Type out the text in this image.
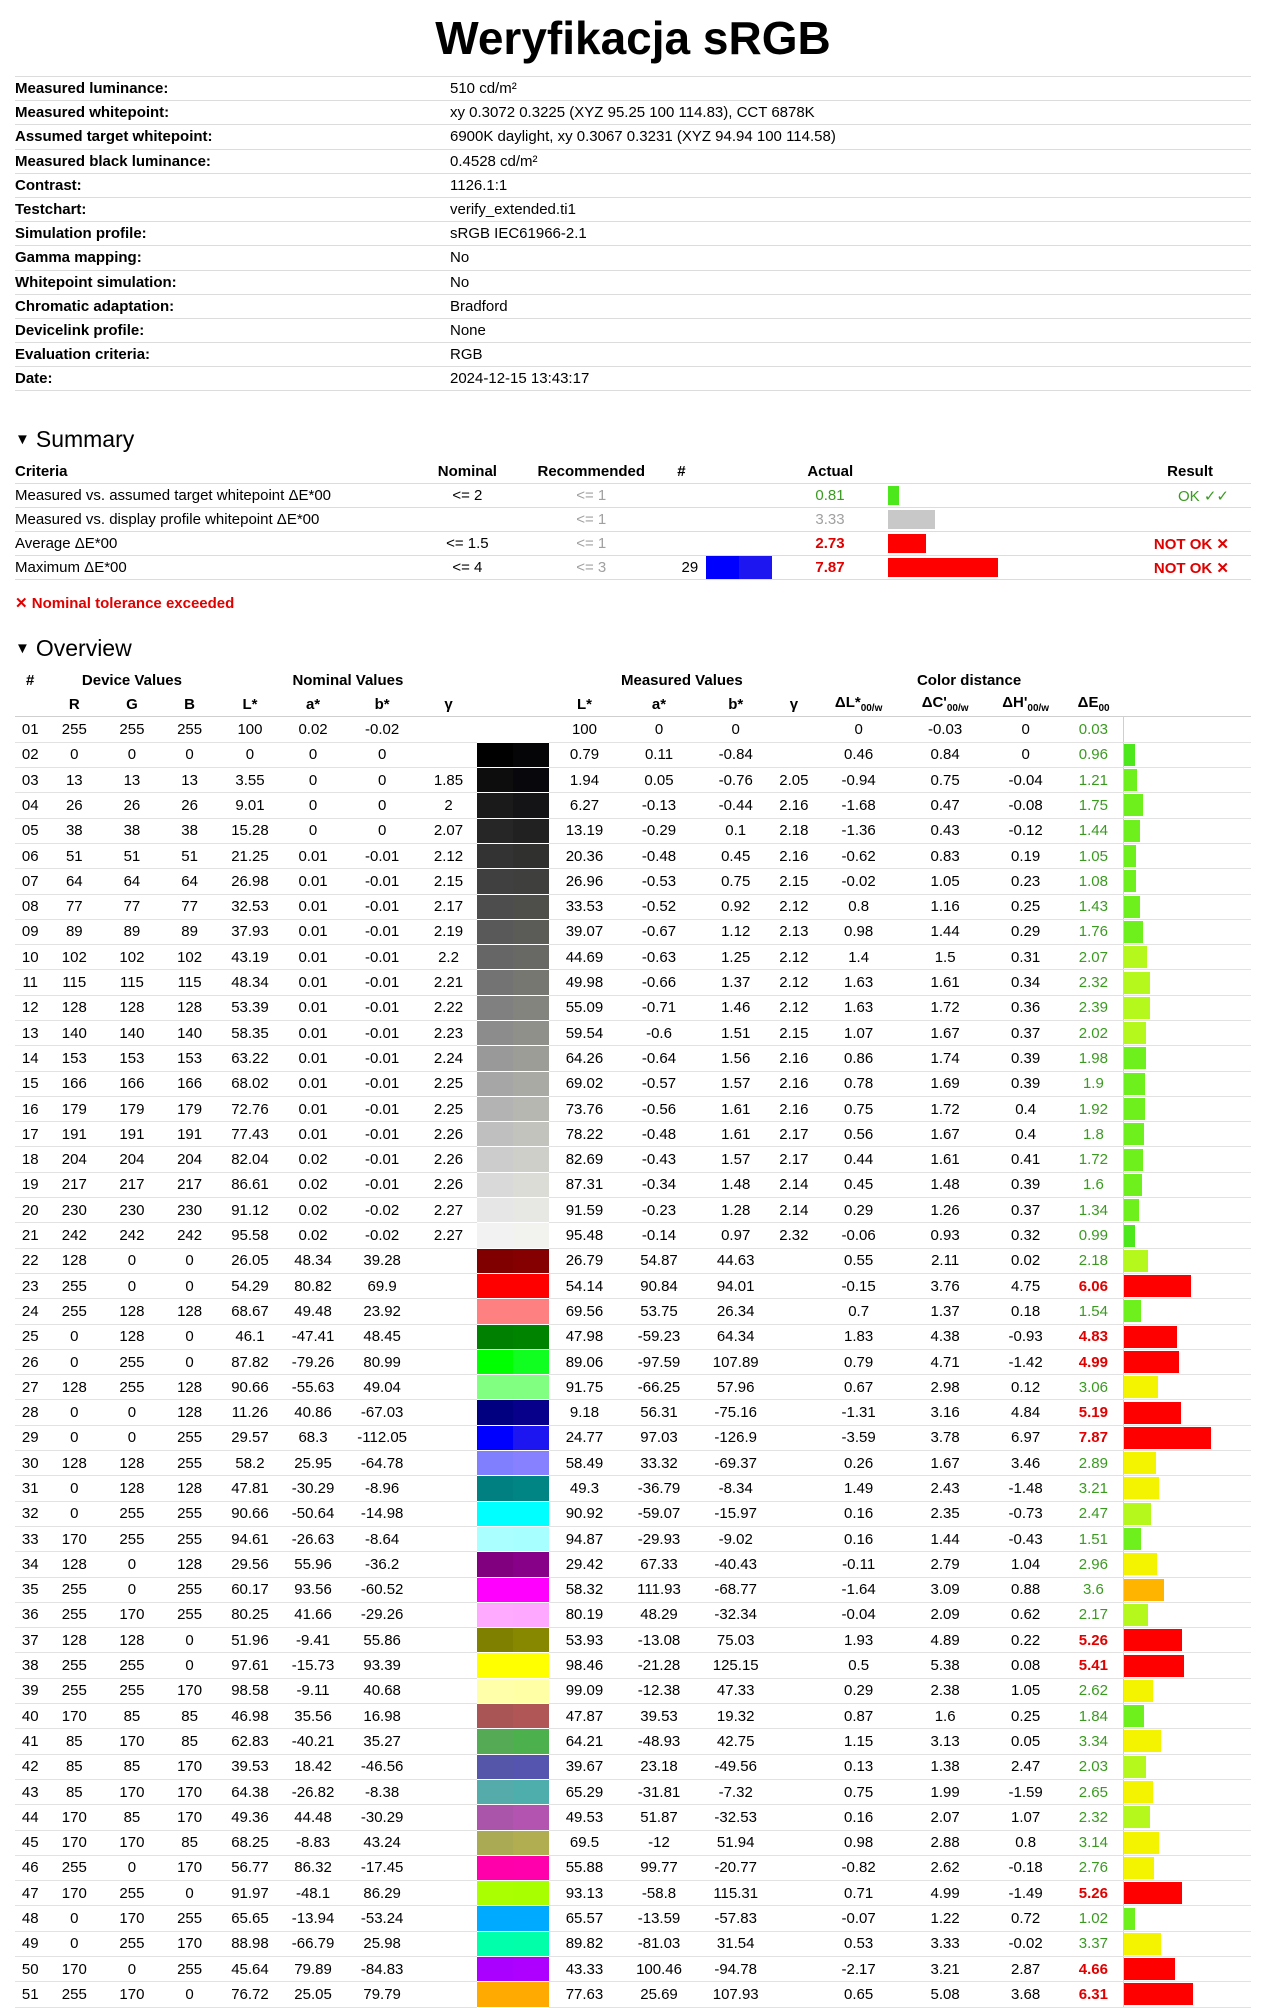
Weryfikacja sRGB
Measured luminance:	510 cd/m²
Measured whitepoint:	xy 0.3072 0.3225 (XYZ 95.25 100 114.83), CCT 6878K
Assumed target whitepoint:	6900K daylight, xy 0.3067 0.3231 (XYZ 94.94 100 114.58)
Measured black luminance:	0.4528 cd/m²
Contrast:	1126.1:1
Testchart:	verify_extended.ti1
Simulation profile:	sRGB IEC61966-2.1
Gamma mapping:	No
Whitepoint simulation:	No
Chromatic adaptation:	Bradford
Devicelink profile:	None
Evaluation criteria:	RGB
Date:	2024-12-15 13:43:17
▼ Summary
Criteria	Nominal	Recommended	#		Actual			Result
Measured vs. assumed target whitepoint ΔE*00	<= 2	<= 1			0.81			OK ✓✓
Measured vs. display profile whitepoint ΔE*00		<= 1			3.33			
Average ΔE*00	<= 1.5	<= 1			2.73			NOT OK ✕
Maximum ΔE*00	<= 4	<= 3	29		7.87			NOT OK ✕
✕ Nominal tolerance exceeded
▼ Overview
#	Device Values			Nominal Values					Measured Values				Color distance				
	R	G	B	L*	a*	b*	γ		L*	a*	b*	γ	$\Delta L*_{00/w}$	$\Delta C'_{00/w}$	$\Delta H'_{00/w}$	$\Delta E_{00}$	
01	255	255	255	100	0.02	-0.02			100	0	0		0	-0.03	0	0.03	
02	0	0	0	0	0	0			0.79	0.11	-0.84		0.46	0.84	0	0.96	
03	13	13	13	3.55	0	0	1.85		1.94	0.05	-0.76	2.05	-0.94	0.75	-0.04	1.21	
04	26	26	26	9.01	0	0	2		6.27	-0.13	-0.44	2.16	-1.68	0.47	-0.08	1.75	
05	38	38	38	15.28	0	0	2.07		13.19	-0.29	0.1	2.18	-1.36	0.43	-0.12	1.44	
06	51	51	51	21.25	0.01	-0.01	2.12		20.36	-0.48	0.45	2.16	-0.62	0.83	0.19	1.05	
07	64	64	64	26.98	0.01	-0.01	2.15		26.96	-0.53	0.75	2.15	-0.02	1.05	0.23	1.08	
08	77	77	77	32.53	0.01	-0.01	2.17		33.53	-0.52	0.92	2.12	0.8	1.16	0.25	1.43	
09	89	89	89	37.93	0.01	-0.01	2.19		39.07	-0.67	1.12	2.13	0.98	1.44	0.29	1.76	
10	102	102	102	43.19	0.01	-0.01	2.2		44.69	-0.63	1.25	2.12	1.4	1.5	0.31	2.07	
11	115	115	115	48.34	0.01	-0.01	2.21		49.98	-0.66	1.37	2.12	1.63	1.61	0.34	2.32	
12	128	128	128	53.39	0.01	-0.01	2.22		55.09	-0.71	1.46	2.12	1.63	1.72	0.36	2.39	
13	140	140	140	58.35	0.01	-0.01	2.23		59.54	-0.6	1.51	2.15	1.07	1.67	0.37	2.02	
14	153	153	153	63.22	0.01	-0.01	2.24		64.26	-0.64	1.56	2.16	0.86	1.74	0.39	1.98	
15	166	166	166	68.02	0.01	-0.01	2.25		69.02	-0.57	1.57	2.16	0.78	1.69	0.39	1.9	
16	179	179	179	72.76	0.01	-0.01	2.25		73.76	-0.56	1.61	2.16	0.75	1.72	0.4	1.92	
17	191	191	191	77.43	0.01	-0.01	2.26		78.22	-0.48	1.61	2.17	0.56	1.67	0.4	1.8	
18	204	204	204	82.04	0.02	-0.01	2.26		82.69	-0.43	1.57	2.17	0.44	1.61	0.41	1.72	
19	217	217	217	86.61	0.02	-0.01	2.26		87.31	-0.34	1.48	2.14	0.45	1.48	0.39	1.6	
20	230	230	230	91.12	0.02	-0.02	2.27		91.59	-0.23	1.28	2.14	0.29	1.26	0.37	1.34	
21	242	242	242	95.58	0.02	-0.02	2.27		95.48	-0.14	0.97	2.32	-0.06	0.93	0.32	0.99	
22	128	0	0	26.05	48.34	39.28			26.79	54.87	44.63		0.55	2.11	0.02	2.18	
23	255	0	0	54.29	80.82	69.9			54.14	90.84	94.01		-0.15	3.76	4.75	6.06	
24	255	128	128	68.67	49.48	23.92			69.56	53.75	26.34		0.7	1.37	0.18	1.54	
25	0	128	0	46.1	-47.41	48.45			47.98	-59.23	64.34		1.83	4.38	-0.93	4.83	
26	0	255	0	87.82	-79.26	80.99			89.06	-97.59	107.89		0.79	4.71	-1.42	4.99	
27	128	255	128	90.66	-55.63	49.04			91.75	-66.25	57.96		0.67	2.98	0.12	3.06	
28	0	0	128	11.26	40.86	-67.03			9.18	56.31	-75.16		-1.31	3.16	4.84	5.19	
29	0	0	255	29.57	68.3	-112.05			24.77	97.03	-126.9		-3.59	3.78	6.97	7.87	
30	128	128	255	58.2	25.95	-64.78			58.49	33.32	-69.37		0.26	1.67	3.46	2.89	
31	0	128	128	47.81	-30.29	-8.96			49.3	-36.79	-8.34		1.49	2.43	-1.48	3.21	
32	0	255	255	90.66	-50.64	-14.98			90.92	-59.07	-15.97		0.16	2.35	-0.73	2.47	
33	170	255	255	94.61	-26.63	-8.64			94.87	-29.93	-9.02		0.16	1.44	-0.43	1.51	
34	128	0	128	29.56	55.96	-36.2			29.42	67.33	-40.43		-0.11	2.79	1.04	2.96	
35	255	0	255	60.17	93.56	-60.52			58.32	111.93	-68.77		-1.64	3.09	0.88	3.6	
36	255	170	255	80.25	41.66	-29.26			80.19	48.29	-32.34		-0.04	2.09	0.62	2.17	
37	128	128	0	51.96	-9.41	55.86			53.93	-13.08	75.03		1.93	4.89	0.22	5.26	
38	255	255	0	97.61	-15.73	93.39			98.46	-21.28	125.15		0.5	5.38	0.08	5.41	
39	255	255	170	98.58	-9.11	40.68			99.09	-12.38	47.33		0.29	2.38	1.05	2.62	
40	170	85	85	46.98	35.56	16.98			47.87	39.53	19.32		0.87	1.6	0.25	1.84	
41	85	170	85	62.83	-40.21	35.27			64.21	-48.93	42.75		1.15	3.13	0.05	3.34	
42	85	85	170	39.53	18.42	-46.56			39.67	23.18	-49.56		0.13	1.38	2.47	2.03	
43	85	170	170	64.38	-26.82	-8.38			65.29	-31.81	-7.32		0.75	1.99	-1.59	2.65	
44	170	85	170	49.36	44.48	-30.29			49.53	51.87	-32.53		0.16	2.07	1.07	2.32	
45	170	170	85	68.25	-8.83	43.24			69.5	-12	51.94		0.98	2.88	0.8	3.14	
46	255	0	170	56.77	86.32	-17.45			55.88	99.77	-20.77		-0.82	2.62	-0.18	2.76	
47	170	255	0	91.97	-48.1	86.29			93.13	-58.8	115.31		0.71	4.99	-1.49	5.26	
48	0	170	255	65.65	-13.94	-53.24			65.57	-13.59	-57.83		-0.07	1.22	0.72	1.02	
49	0	255	170	88.98	-66.79	25.98			89.82	-81.03	31.54		0.53	3.33	-0.02	3.37	
50	170	0	255	45.64	79.89	-84.83			43.33	100.46	-94.78		-2.17	3.21	2.87	4.66	
51	255	170	0	76.72	25.05	79.79			77.63	25.69	107.93		0.65	5.08	3.68	6.31	
